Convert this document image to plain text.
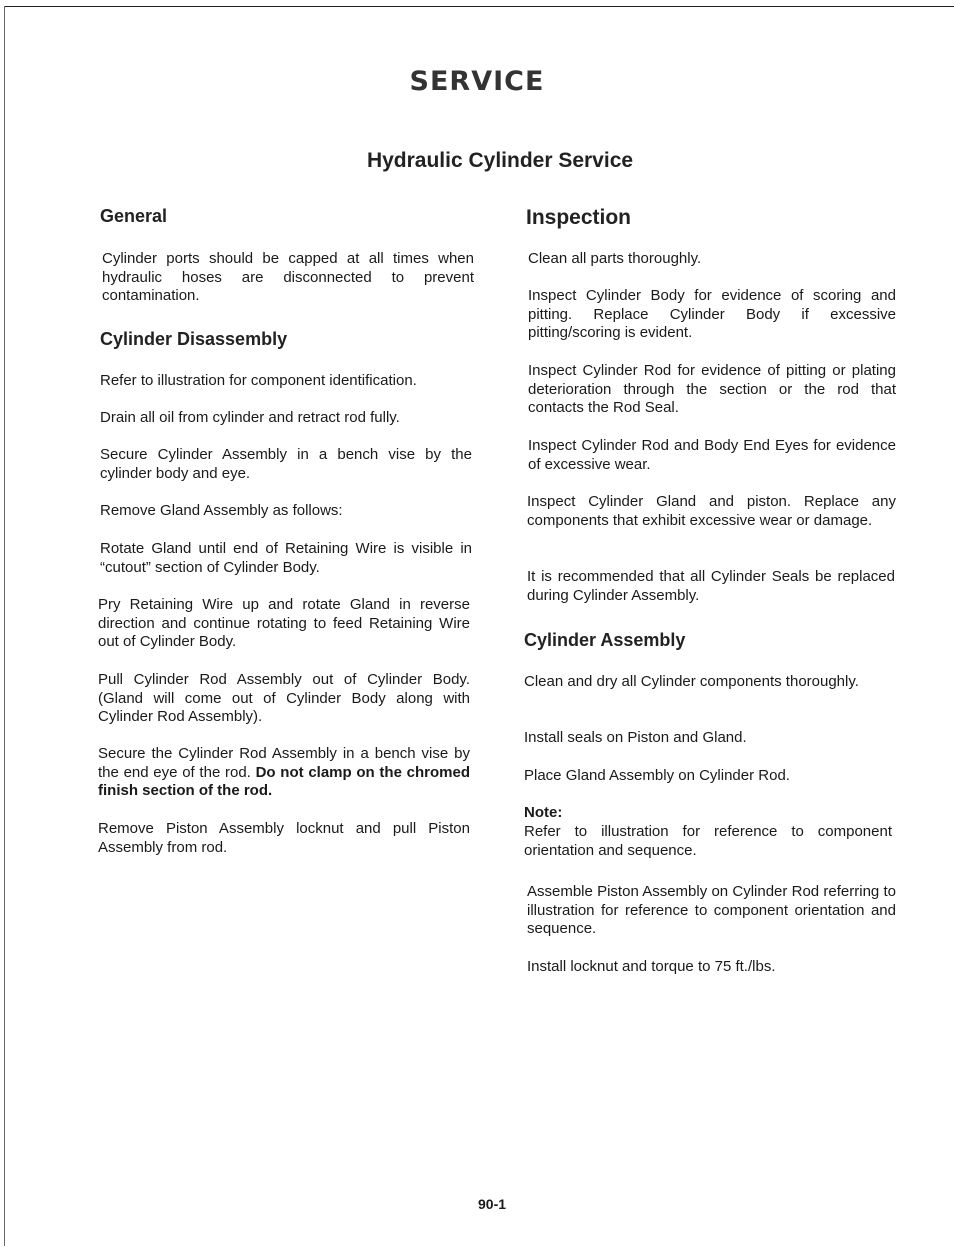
SERVICE
Hydraulic Cylinder Service
General

Cylinder ports should be capped at all times when hydraulic hoses are disconnected to prevent contamination.

Cylinder Disassembly

Refer to illustration for component identification.

Drain all oil from cylinder and retract rod fully.

Secure Cylinder Assembly in a bench vise by the cylinder body and eye.

Remove Gland Assembly as follows:

Rotate Gland until end of Retaining Wire is visible in “cutout” section of Cylinder Body.

Pry Retaining Wire up and rotate Gland in reverse direction and continue rotating to feed Retaining Wire out of Cylinder Body.

Pull Cylinder Rod Assembly out of Cylinder Body. (Gland will come out of Cylinder Body along with Cylinder Rod Assembly).

Secure the Cylinder Rod Assembly in a bench vise by the end eye of the rod. Do not clamp on the chromed finish section of the rod.

Remove Piston Assembly locknut and pull Piston Assembly from rod.

Inspection

Clean all parts thoroughly.

Inspect Cylinder Body for evidence of scoring and pitting. Replace Cylinder Body if excessive pitting/scoring is evident.

Inspect Cylinder Rod for evidence of pitting or plating deterioration through the section or the rod that contacts the Rod Seal.

Inspect Cylinder Rod and Body End Eyes for evidence of excessive wear.

Inspect Cylinder Gland and piston. Replace any components that exhibit excessive wear or damage.

It is recommended that all Cylinder Seals be replaced during Cylinder Assembly.

Cylinder Assembly

Clean and dry all Cylinder components thoroughly.

Install seals on Piston and Gland.

Place Gland Assembly on Cylinder Rod.

Note:

Refer to illustration for reference to component orientation and sequence.

Assemble Piston Assembly on Cylinder Rod referring to illustration for reference to component orientation and sequence.

Install locknut and torque to 75 ft./lbs.

90-1
